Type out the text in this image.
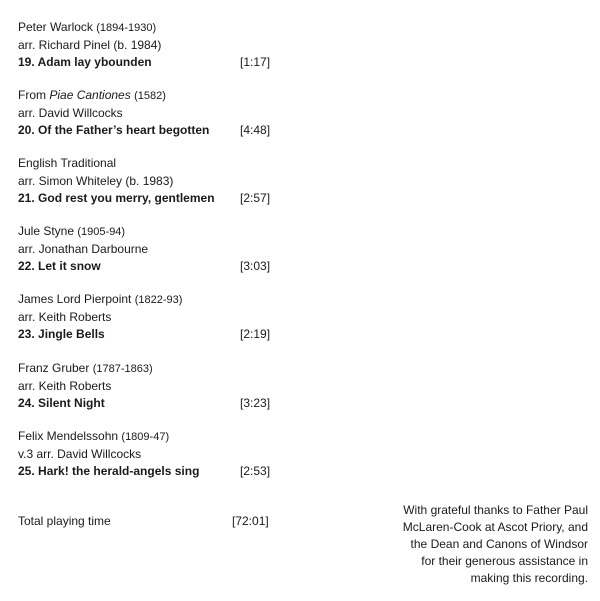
Peter Warlock (1894-1930)
arr. Richard Pinel (b. 1984)
19. Adam lay ybounden	[1:17]
From Piae Cantiones (1582)
arr. David Willcocks
20. Of the Father’s heart begotten	[4:48]
English Traditional
arr. Simon Whiteley (b. 1983)
21. God rest you merry, gentlemen [2:57]
Jule Styne (1905-94)
arr. Jonathan Darbourne
22. Let it snow	[3:03]
James Lord Pierpoint (1822-93)
arr. Keith Roberts
23. Jingle Bells	[2:19]
Franz Gruber (1787-1863)
arr. Keith Roberts
24. Silent Night	[3:23]
Felix Mendelssohn (1809-47)
v.3 arr. David Willcocks
25. Hark! the herald-angels sing	[2:53]
Total playing time	[72:01]
With grateful thanks to Father Paul
McLaren-Cook at Ascot Priory, and
the Dean and Canons of Windsor
for their generous assistance in
making this recording.
